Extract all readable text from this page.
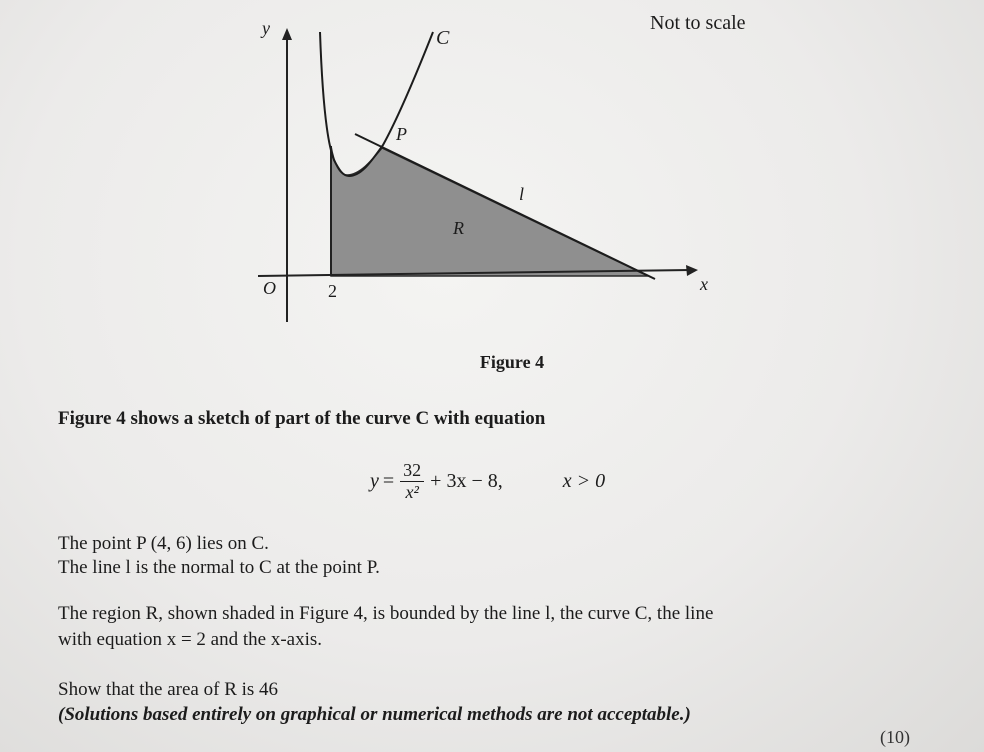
y
x
O	2
C
P
l
R
Not to scale
Figure 4
Figure 4 shows a sketch of part of the curve C with equation
$y = \frac{32}{\text{x²}} + 3x - 8$,	x > 0
The point P (4, 6) lies on C.
The line l is the normal to C at the point P.
The region R, shown shaded in Figure 4, is bounded by the line l, the curve C, the line
with equation x = 2 and the x-axis.
Show that the area of R is 46
(Solutions based entirely on graphical or numerical methods are not acceptable.)
(10)
